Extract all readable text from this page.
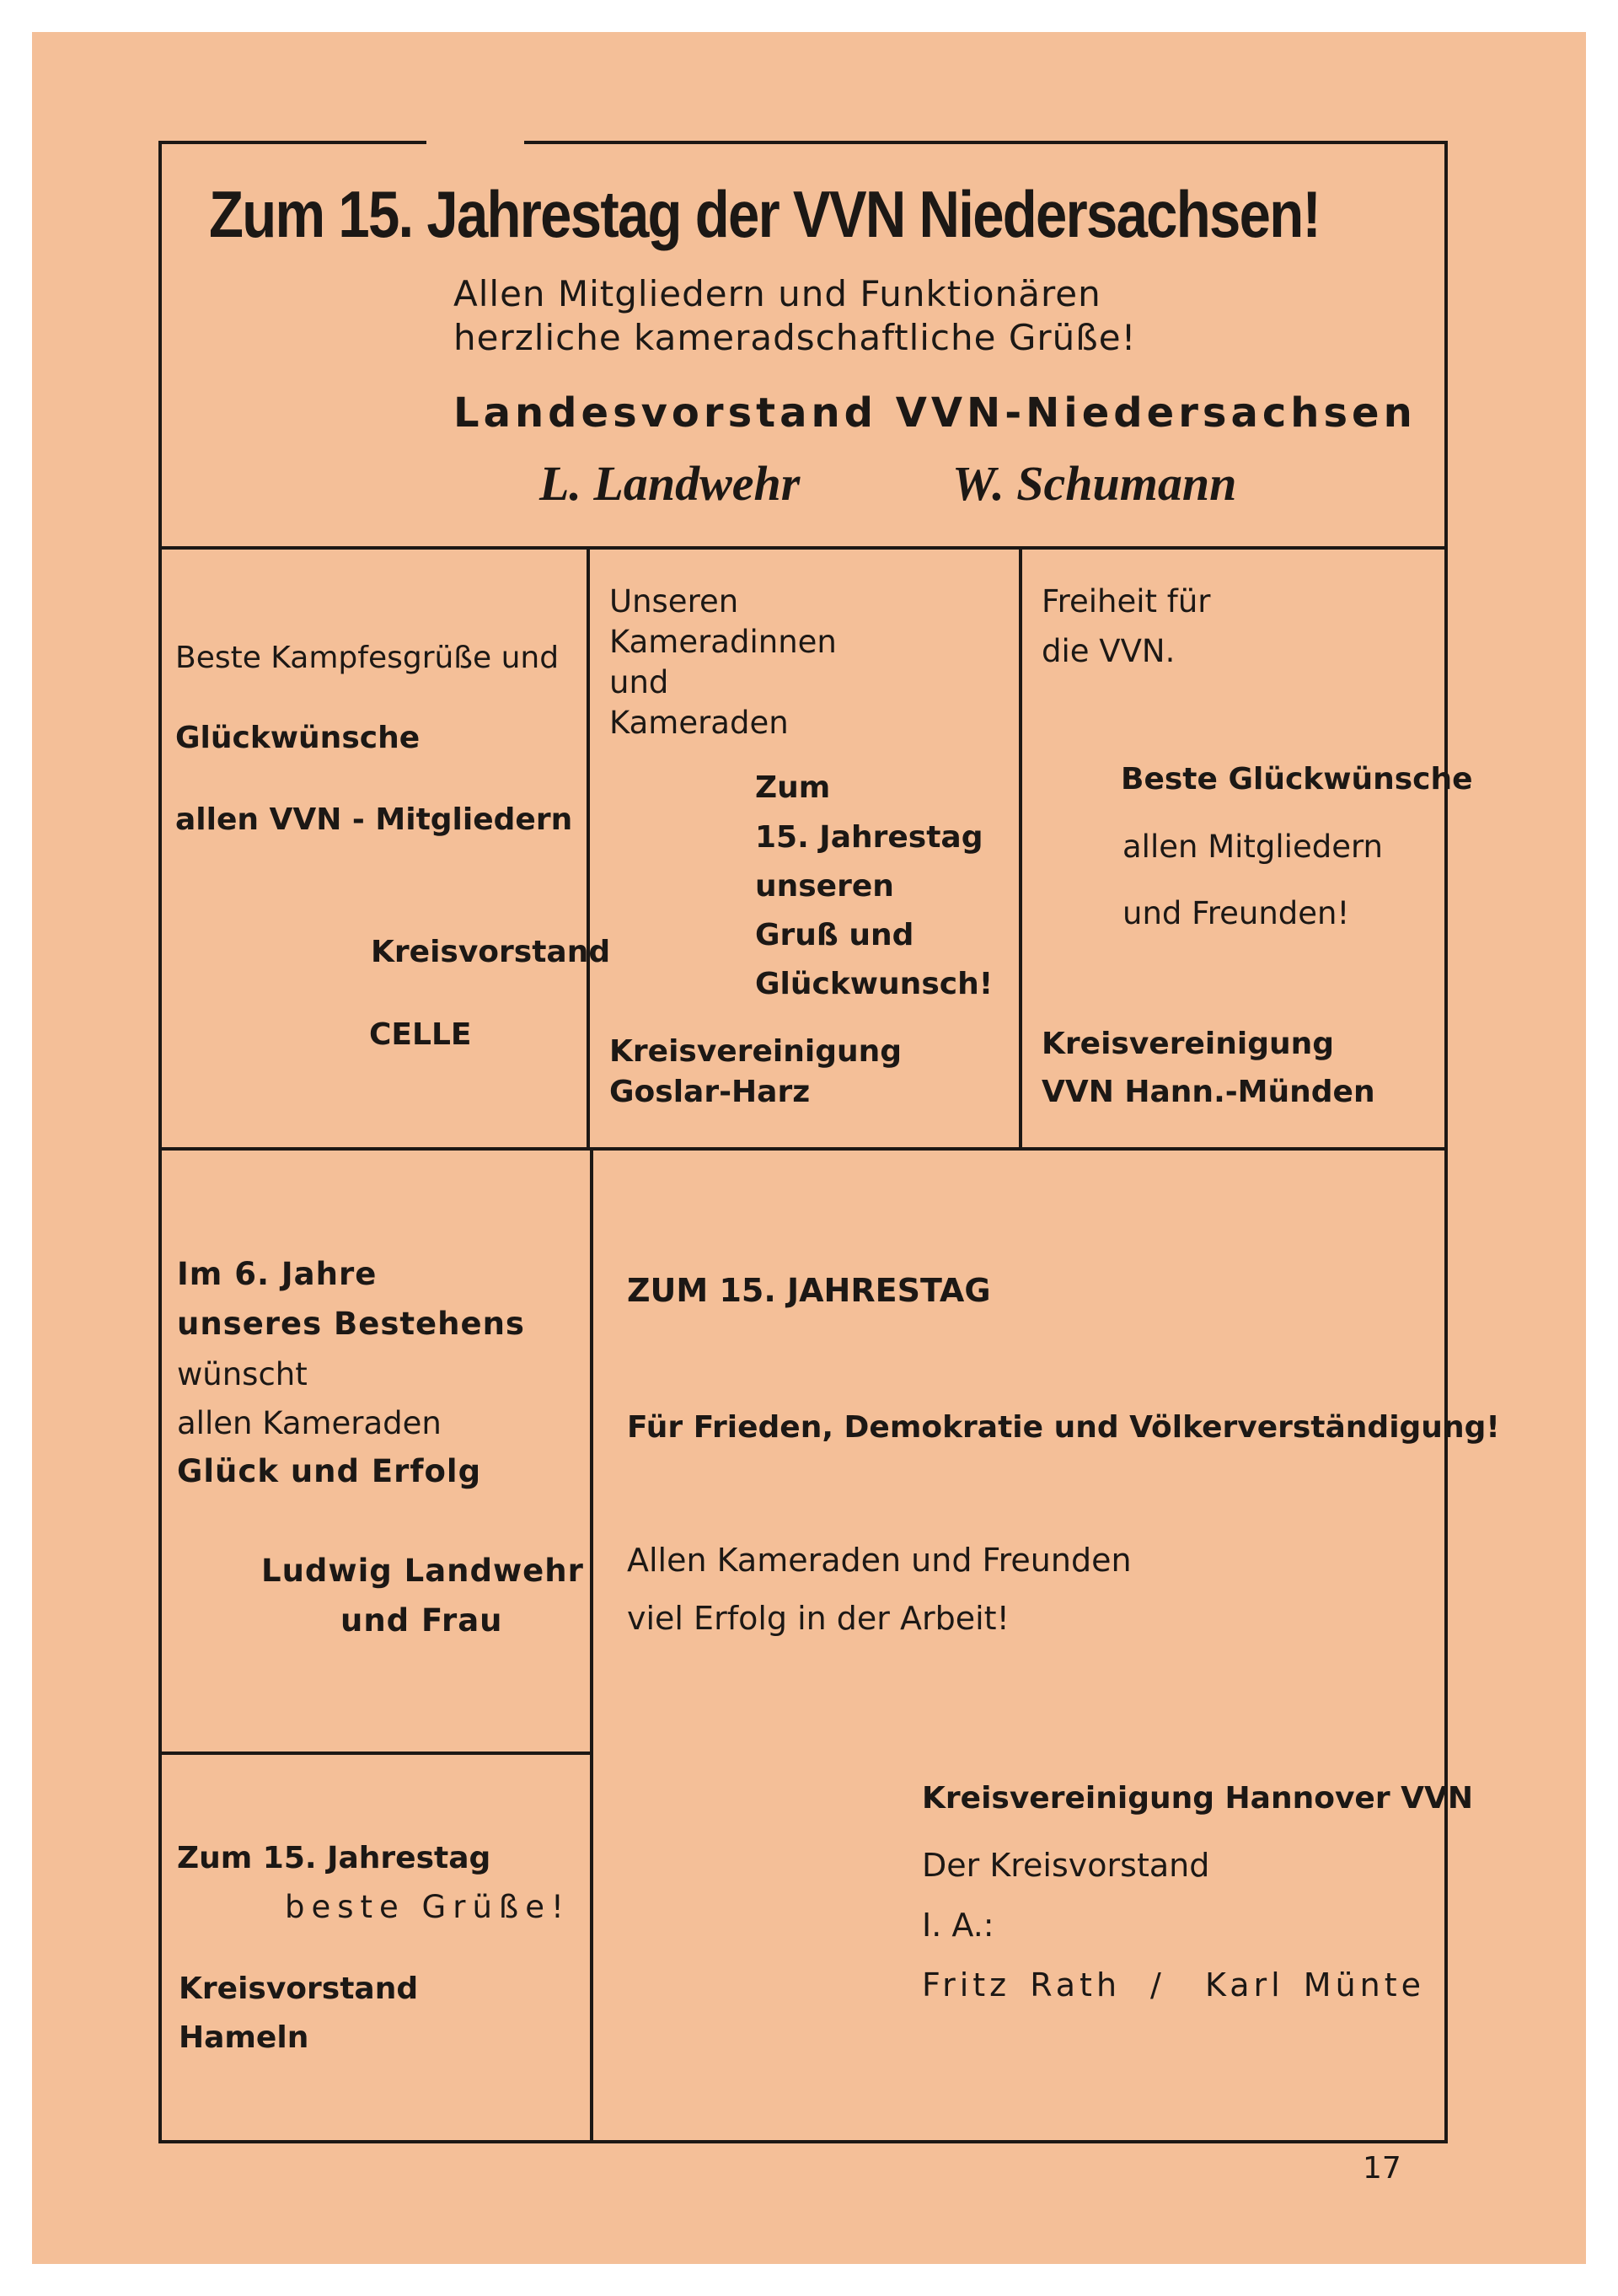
Zum 15. Jahrestag der VVN Niedersachsen!
Allen Mitgliedern und Funktionären
herzliche kameradschaftliche Grüße!
Landesvorstand VVN-Niedersachsen
L. Landwehr	W. Schumann
Beste Kampfesgrüße und
Glückwünsche
allen VVN - Mitgliedern
Kreisvorstand
CELLE
Unseren
Kameradinnen
und
Kameraden
Zum
15. Jahrestag
unseren
Gruß und
Glückwunsch!
Kreisvereinigung
Goslar-Harz
Freiheit für
die VVN.
Beste Glückwünsche
allen Mitgliedern
und Freunden!
Kreisvereinigung
VVN Hann.-Münden
Im 6. Jahre
unseres Bestehens
wünscht
allen Kameraden
Glück und Erfolg
Ludwig Landwehr
und Frau
Zum 15. Jahrestag
beste Grüße!
Kreisvorstand
Hameln
ZUM 15. JAHRESTAG
Für Frieden, Demokratie und Völkerverständigung!
Allen Kameraden und Freunden
viel Erfolg in der Arbeit!
Kreisvereinigung Hannover VVN
Der Kreisvorstand
I. A.:
Fritz Rath / Karl Münte
17
